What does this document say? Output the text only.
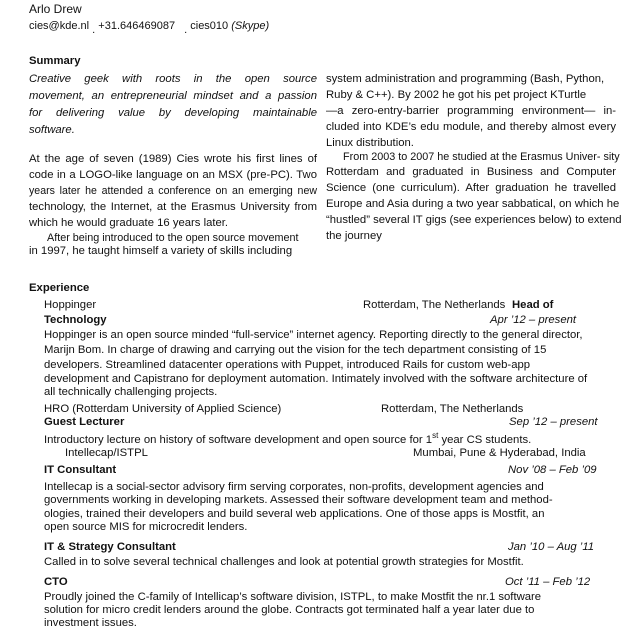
Arlo Drew
cies@kde.nl . +31.646469087 . cies010 (Skype)
Summary
Creative geek with roots in the open source
movement, an entrepreneurial mindset and a passion
for delivering value by developing maintainable
software.
At the age of seven (1989) Cies wrote his first lines of
code in a LOGO-like language on an MSX (pre-PC). Two
years later he attended a conference on an emerging new
technology, the Internet, at the Erasmus University from
which he would graduate 16 years later.
After being introduced to the open source movement
in 1997, he taught himself a variety of skills including
system administration and programming (Bash, Python,
Ruby & C++). By 2002 he got his pet project KTurtle
—a zero-entry-barrier programming environment— in-
cluded into KDE’s edu module, and thereby almost every
Linux distribution.
From 2003 to 2007 he studied at the Erasmus Univer- sity
Rotterdam and graduated in Business and Computer
Science (one curriculum). After graduation he travelled
Europe and Asia during a two year sabbatical, on which he
“hustled” several IT gigs (see experiences below) to extend
the journey
Experience
Hoppinger	Rotterdam, The Netherlands Head of
Technology	Apr ’12 – present
Hoppinger is an open source minded “full-service” internet agency. Reporting directly to the general director,
Marijn Bom. In charge of drawing and carrying out the vision for the tech department consisting of 15
developers. Streamlined datacenter operations with Puppet, introduced Rails for custom web-app
development and Capistrano for deployment automation. Intimately involved with the software architecture of
all technically challenging projects.
HRO (Rotterdam University of Applied Science)	Rotterdam, The Netherlands
Guest Lecturer	Sep ’12 – present
Introductory lecture on history of software development and open source for 1st year CS students.
Intellecap/ISTPL	Mumbai, Pune & Hyderabad, India
IT Consultant	Nov ’08 – Feb ’09
Intellecap is a social-sector advisory firm serving corporates, non-profits, development agencies and
governments working in developing markets. Assessed their software development team and method-
ologies, trained their developers and build several web applications. One of those apps is Mostfit, an
open source MIS for microcredit lenders.
IT & Strategy Consultant	Jan ’10 – Aug ’11
Called in to solve several technical challenges and look at potential growth strategies for Mostfit.
CTO	Oct ’11 – Feb ’12
Proudly joined the C-family of Intellicap’s software division, ISTPL, to make Mostfit the nr.1 software
solution for micro credit lenders around the globe. Contracts got terminated half a year later due to
investment issues.
